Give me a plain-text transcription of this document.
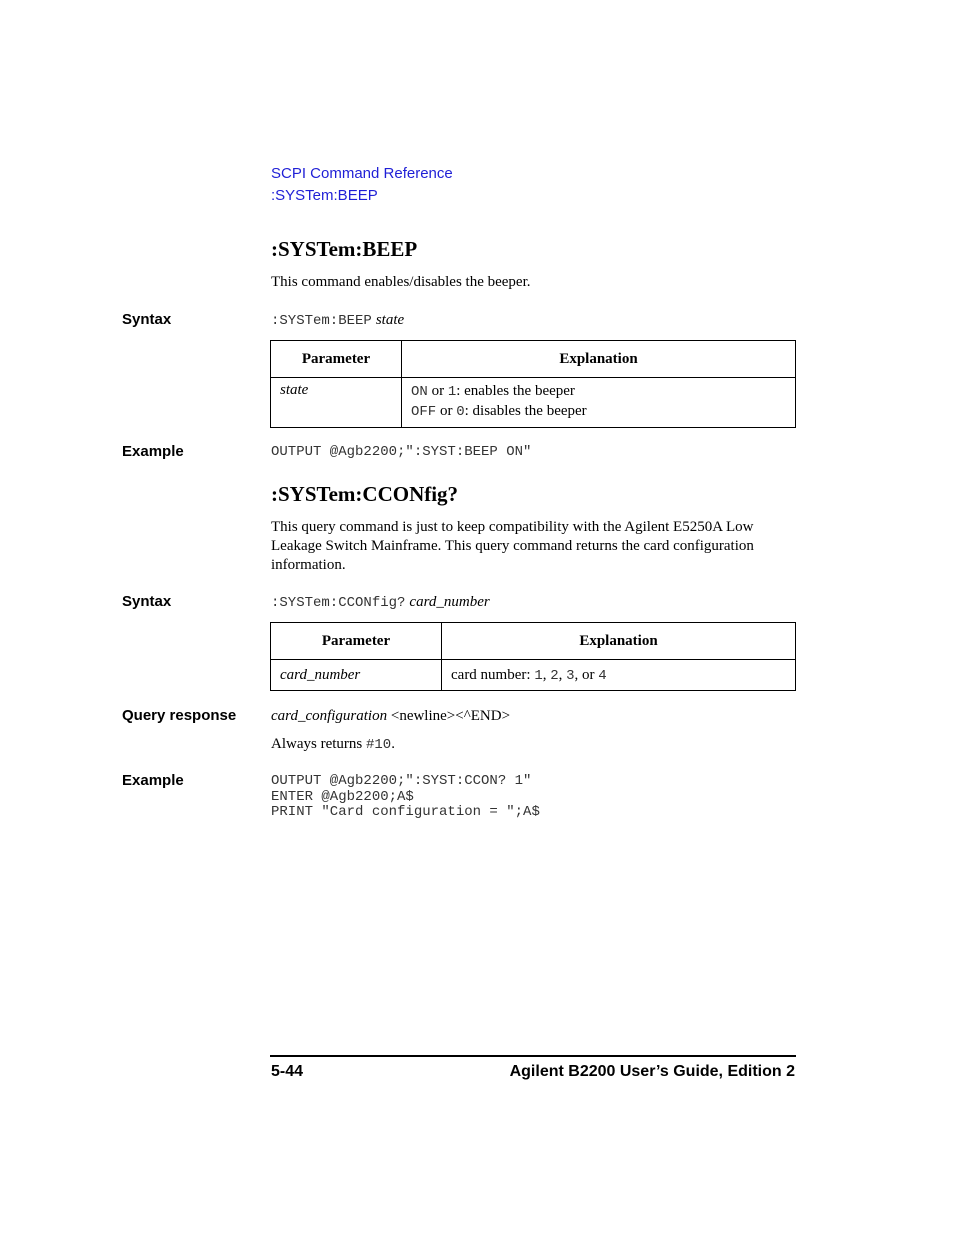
SCPI Command Reference
:SYSTem:BEEP
:SYSTem:BEEP
This command enables/disables the beeper.
Syntax	:SYSTem:BEEP state
Parameter	Explanation
state	ON or 1: enables the beeper
OFF or 0: disables the beeper
Example	OUTPUT @Agb2200;":SYST:BEEP ON"
:SYSTem:CCONfig?
This query command is just to keep compatibility with the Agilent E5250A Low Leakage Switch Mainframe. This query command returns the card configuration information.
Syntax	:SYSTem:CCONfig? card_number
Parameter	Explanation
card_number	card number: 1, 2, 3, or 4
Query response card_configuration <newline><^END>
Always returns #10.
Example	OUTPUT @Agb2200;":SYST:CCON? 1"
ENTER @Agb2200;A$
PRINT "Card configuration = ";A$
5-44	Agilent B2200 User’s Guide, Edition 2
